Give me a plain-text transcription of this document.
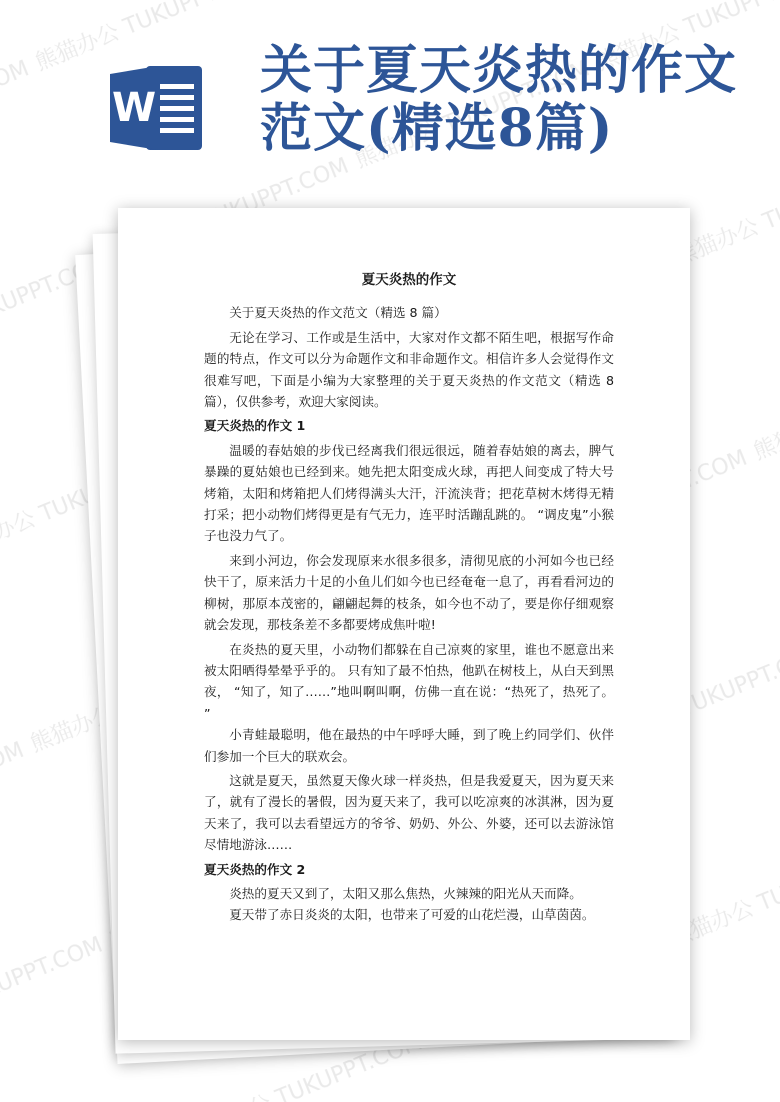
W
关于夏天炎热的作文范文(精选8篇)

夏天炎热的作文

关于夏天炎热的作文范文（精选 8 篇）

无论在学习、工作或是生活中，大家对作文都不陌生吧，根据写作命题的特点，作文可以分为命题作文和非命题作文。相信许多人会觉得作文很难写吧，下面是小编为大家整理的关于夏天炎热的作文范文（精选 8 篇），仅供参考，欢迎大家阅读。

夏天炎热的作文 1

温暖的春姑娘的步伐已经离我们很远很远，随着春姑娘的离去，脾气暴躁的夏姑娘也已经到来。她先把太阳变成火球，再把人间变成了特大号烤箱，太阳和烤箱把人们烤得满头大汗，汗流浃背；把花草树木烤得无精打采；把小动物们烤得更是有气无力，连平时活蹦乱跳的。 “调皮鬼”小猴子也没力气了。

来到小河边，你会发现原来水很多很多，清彻见底的小河如今也已经快干了，原来活力十足的小鱼儿们如今也已经奄奄一息了，再看看河边的柳树，那原本茂密的，翩翩起舞的枝条，如今也不动了，要是你仔细观察就会发现，那枝条差不多都要烤成焦叶啦!

在炎热的夏天里，小动物们都躲在自己凉爽的家里，谁也不愿意出来被太阳晒得晕晕乎乎的。 只有知了最不怕热，他趴在树枝上，从白天到黑夜， “知了，知了……”地叫啊叫啊，仿佛一直在说：“热死了，热死了。 ”

小青蛙最聪明，他在最热的中午呼呼大睡，到了晚上约同学们、伙伴们参加一个巨大的联欢会。

这就是夏天，虽然夏天像火球一样炎热，但是我爱夏天，因为夏天来了，就有了漫长的暑假，因为夏天来了，我可以吃凉爽的冰淇淋，因为夏天来了，我可以去看望远方的爷爷、奶奶、外公、外婆，还可以去游泳馆尽情地游泳……

夏天炎热的作文 2

炎热的夏天又到了，太阳又那么焦热，火辣辣的阳光从天而降。

夏天带了赤日炎炎的太阳，也带来了可爱的山花烂漫，山草茵茵。
